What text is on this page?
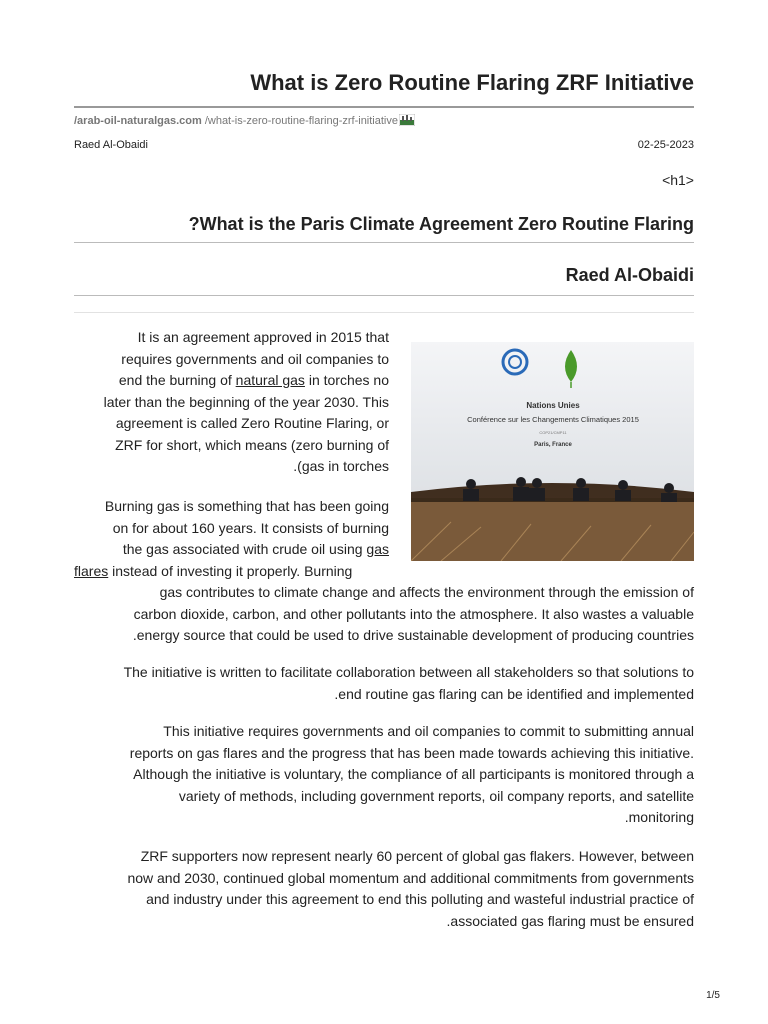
What is Zero Routine Flaring ZRF Initiative
/arab-oil-naturalgas.com /what-is-zero-routine-flaring-zrf-initiative
Raed Al-Obaidi	02-25-2023
<h1>
?What is the Paris Climate Agreement Zero Routine Flaring
Raed Al-Obaidi
Nations Unies
Conférence sur les Changements Climatiques 2015
COP21/CMP11
Paris, France
It is an agreement approved in 2015 that
requires governments and oil companies to
end the burning of natural gas in torches no
later than the beginning of the year 2030. This
agreement is called Zero Routine Flaring, or
ZRF for short, which means (zero burning of
.(gas in torches
Burning gas is something that has been going
on for about 160 years. It consists of burning
the gas associated with crude oil using gas
flares instead of investing it properly. Burning
gas contributes to climate change and affects the environment through the emission of
carbon dioxide, carbon, and other pollutants into the atmosphere. It also wastes a valuable
.energy source that could be used to drive sustainable development of producing countries
The initiative is written to facilitate collaboration between all stakeholders so that solutions to
.end routine gas flaring can be identified and implemented
This initiative requires governments and oil companies to commit to submitting annual
reports on gas flares and the progress that has been made towards achieving this initiative.
Although the initiative is voluntary, the compliance of all participants is monitored through a
variety of methods, including government reports, oil company reports, and satellite
.monitoring
ZRF supporters now represent nearly 60 percent of global gas flakers. However, between
now and 2030, continued global momentum and additional commitments from governments
and industry under this agreement to end this polluting and wasteful industrial practice of
.associated gas flaring must be ensured
1/5
